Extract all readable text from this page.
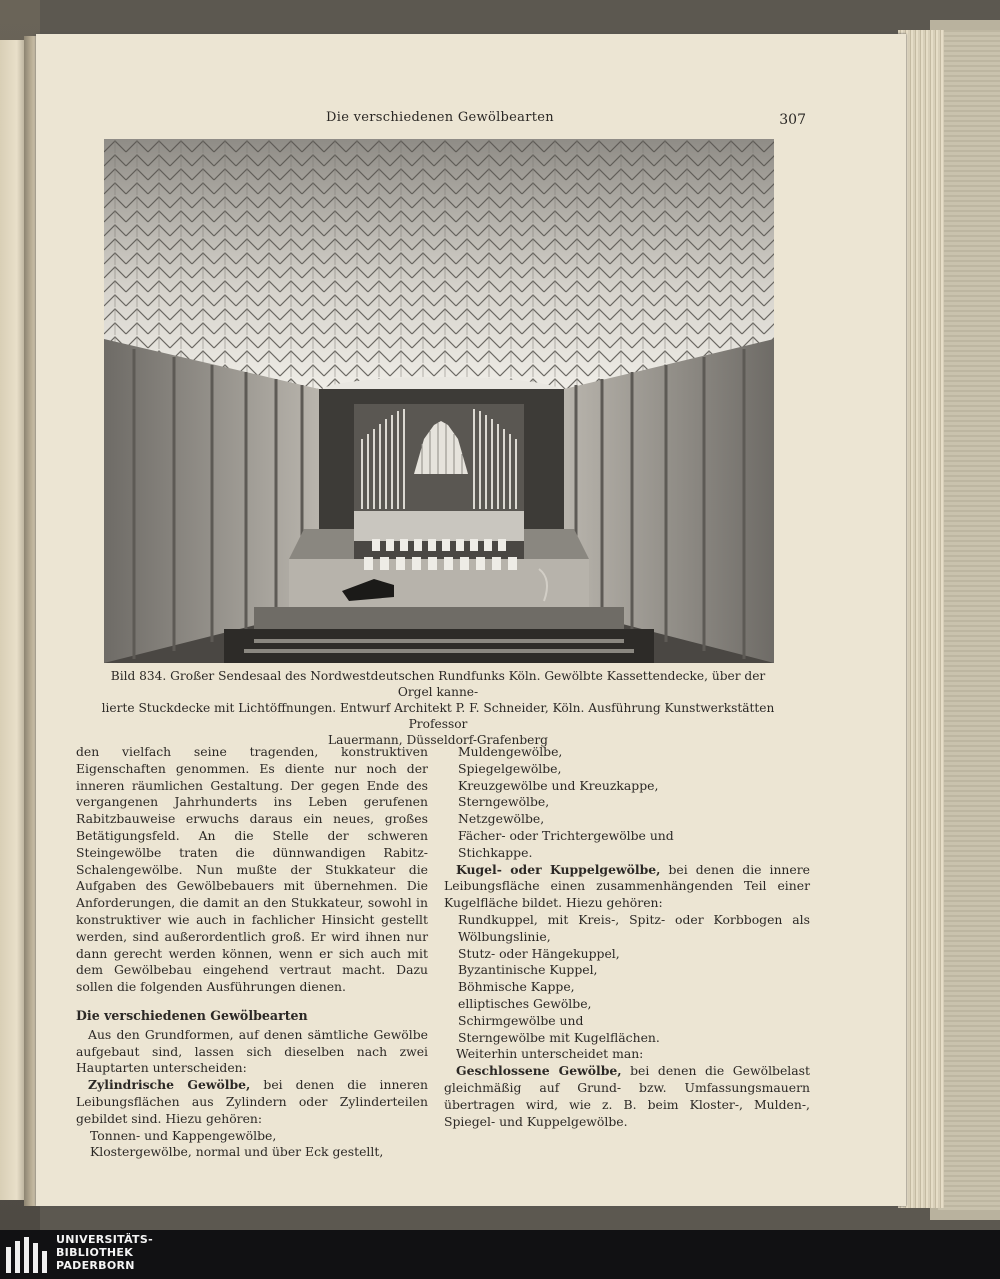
Die verschiedenen Gewölbearten	307
Bild 834. Großer Sendesaal des Nordwestdeutschen Rundfunks Köln. Gewölbte Kassettendecke, über der Orgel kanne-
lierte Stuckdecke mit Lichtöffnungen. Entwurf Architekt P. F. Schneider, Köln. Ausführung Kunstwerkstätten Professor
Lauermann, Düsseldorf-Grafenberg

den vielfach seine tragenden, konstruktiven Eigenschaften genommen. Es diente nur noch der inneren räumlichen Gestaltung. Der gegen Ende des vergangenen Jahrhunderts ins Leben gerufenen Rabitzbauweise erwuchs daraus ein neues, großes Betätigungsfeld. An die Stelle der schweren Steingewölbe traten die dünnwandigen Rabitz-Schalengewölbe. Nun mußte der Stukkateur die Aufgaben des Gewölbebauers mit übernehmen. Die Anforderungen, die damit an den Stukkateur, sowohl in konstruktiver wie auch in fachlicher Hinsicht gestellt werden, sind außerordentlich groß. Er wird ihnen nur dann gerecht werden können, wenn er sich auch mit dem Gewölbebau eingehend vertraut macht. Dazu sollen die folgenden Ausführungen dienen.

Die verschiedenen Gewölbearten

Aus den Grundformen, auf denen sämtliche Gewölbe aufgebaut sind, lassen sich dieselben nach zwei Hauptarten unterscheiden:

Zylindrische Gewölbe, bei denen die inneren Leibungsflächen aus Zylindern oder Zylinderteilen gebildet sind. Hiezu gehören:

Tonnen- und Kappengewölbe,
Klostergewölbe, normal und über Eck gestellt,
Muldengewölbe,
Spiegelgewölbe,
Kreuzgewölbe und Kreuzkappe,
Sterngewölbe,
Netzgewölbe,
Fächer- oder Trichtergewölbe und
Stichkappe.

Kugel- oder Kuppelgewölbe, bei denen die innere Leibungsfläche einen zusammenhängenden Teil einer Kugelfläche bildet. Hiezu gehören:

Rundkuppel, mit Kreis-, Spitz- oder Korbbogen als Wölbungslinie,
Stutz- oder Hängekuppel,
Byzantinische Kuppel,
Böhmische Kappe,
elliptisches Gewölbe,
Schirmgewölbe und
Sterngewölbe mit Kugelflächen.

Weiterhin unterscheidet man:

Geschlossene Gewölbe, bei denen die Gewölbelast gleichmäßig auf Grund- bzw. Umfassungsmauern übertragen wird, wie z. B. beim Kloster-, Mulden-, Spiegel- und Kuppelgewölbe.

UNIVERSITÄTS-
BIBLIOTHEK
PADERBORN
